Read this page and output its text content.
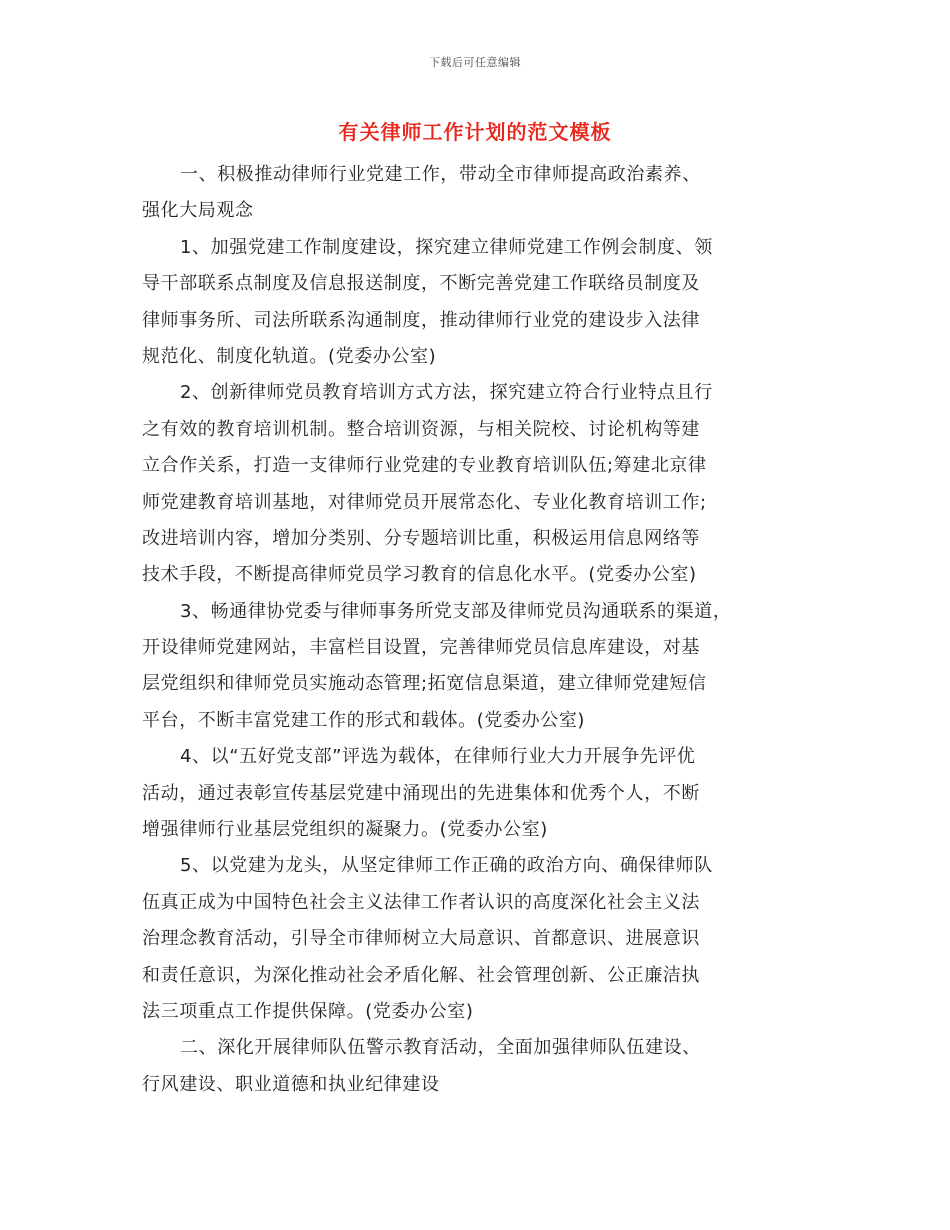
下载后可任意编辑
有关律师工作计划的范文模板
一、积极推动律师行业党建工作，带动全市律师提高政治素养、
强化大局观念
1、加强党建工作制度建设，探究建立律师党建工作例会制度、领
导干部联系点制度及信息报送制度，不断完善党建工作联络员制度及
律师事务所、司法所联系沟通制度，推动律师行业党的建设步入法律
规范化、制度化轨道。(党委办公室)
2、创新律师党员教育培训方式方法，探究建立符合行业特点且行
之有效的教育培训机制。整合培训资源，与相关院校、讨论机构等建
立合作关系，打造一支律师行业党建的专业教育培训队伍;筹建北京律
师党建教育培训基地，对律师党员开展常态化、专业化教育培训工作;
改进培训内容，增加分类别、分专题培训比重，积极运用信息网络等
技术手段，不断提高律师党员学习教育的信息化水平。(党委办公室)
3、畅通律协党委与律师事务所党支部及律师党员沟通联系的渠道，
开设律师党建网站，丰富栏目设置，完善律师党员信息库建设，对基
层党组织和律师党员实施动态管理;拓宽信息渠道，建立律师党建短信
平台，不断丰富党建工作的形式和载体。(党委办公室)
4、以“五好党支部”评选为载体，在律师行业大力开展争先评优
活动，通过表彰宣传基层党建中涌现出的先进集体和优秀个人，不断
增强律师行业基层党组织的凝聚力。(党委办公室)
5、以党建为龙头，从坚定律师工作正确的政治方向、确保律师队
伍真正成为中国特色社会主义法律工作者认识的高度深化社会主义法
治理念教育活动，引导全市律师树立大局意识、首都意识、进展意识
和责任意识，为深化推动社会矛盾化解、社会管理创新、公正廉洁执
法三项重点工作提供保障。(党委办公室)
二、深化开展律师队伍警示教育活动，全面加强律师队伍建设、
行风建设、职业道德和执业纪律建设
